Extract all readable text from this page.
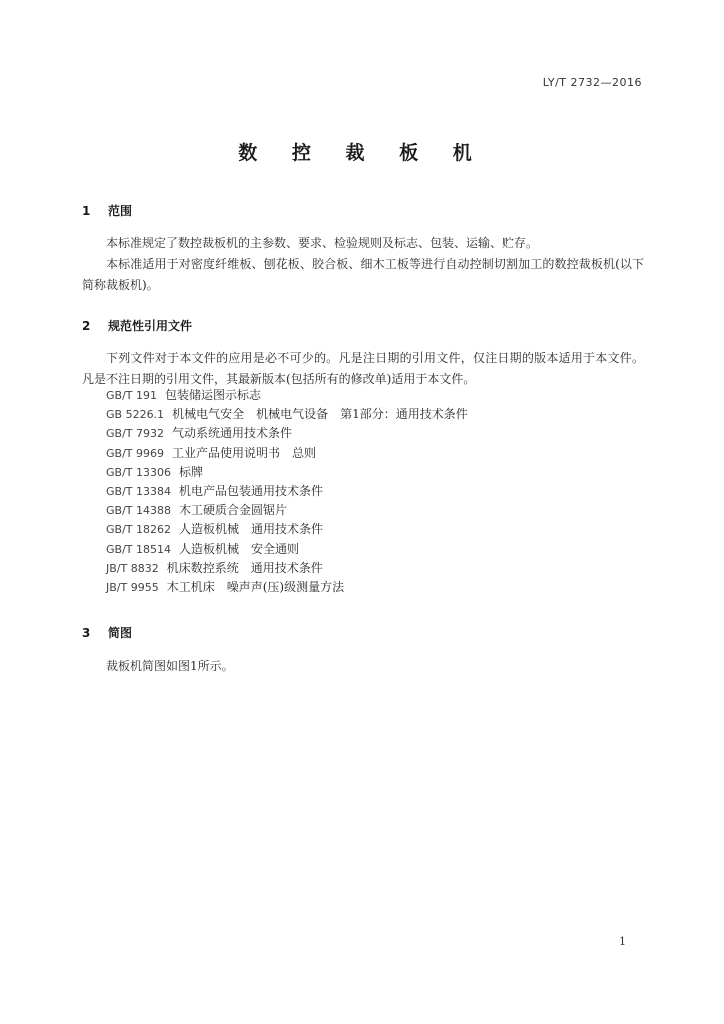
LY/T 2732—2016
数 控 裁 板 机
1 范围
本标准规定了数控裁板机的主参数、要求、检验规则及标志、包装、运输、贮存。
本标准适用于对密度纤维板、刨花板、胶合板、细木工板等进行自动控制切割加工的数控裁板机(以下简称裁板机)。
2 规范性引用文件
下列文件对于本文件的应用是必不可少的。凡是注日期的引用文件，仅注日期的版本适用于本文件。凡是不注日期的引用文件，其最新版本(包括所有的修改单)适用于本文件。
GB/T 191 包装储运图示标志
GB 5226.1 机械电气安全　机械电气设备　第1部分：通用技术条件
GB/T 7932 气动系统通用技术条件
GB/T 9969 工业产品使用说明书　总则
GB/T 13306 标牌
GB/T 13384 机电产品包装通用技术条件
GB/T 14388 木工硬质合金圆锯片
GB/T 18262 人造板机械　通用技术条件
GB/T 18514 人造板机械　安全通则
JB/T 8832 机床数控系统　通用技术条件
JB/T 9955 木工机床　噪声声(压)级测量方法
3 简图
裁板机简图如图1所示。
1
